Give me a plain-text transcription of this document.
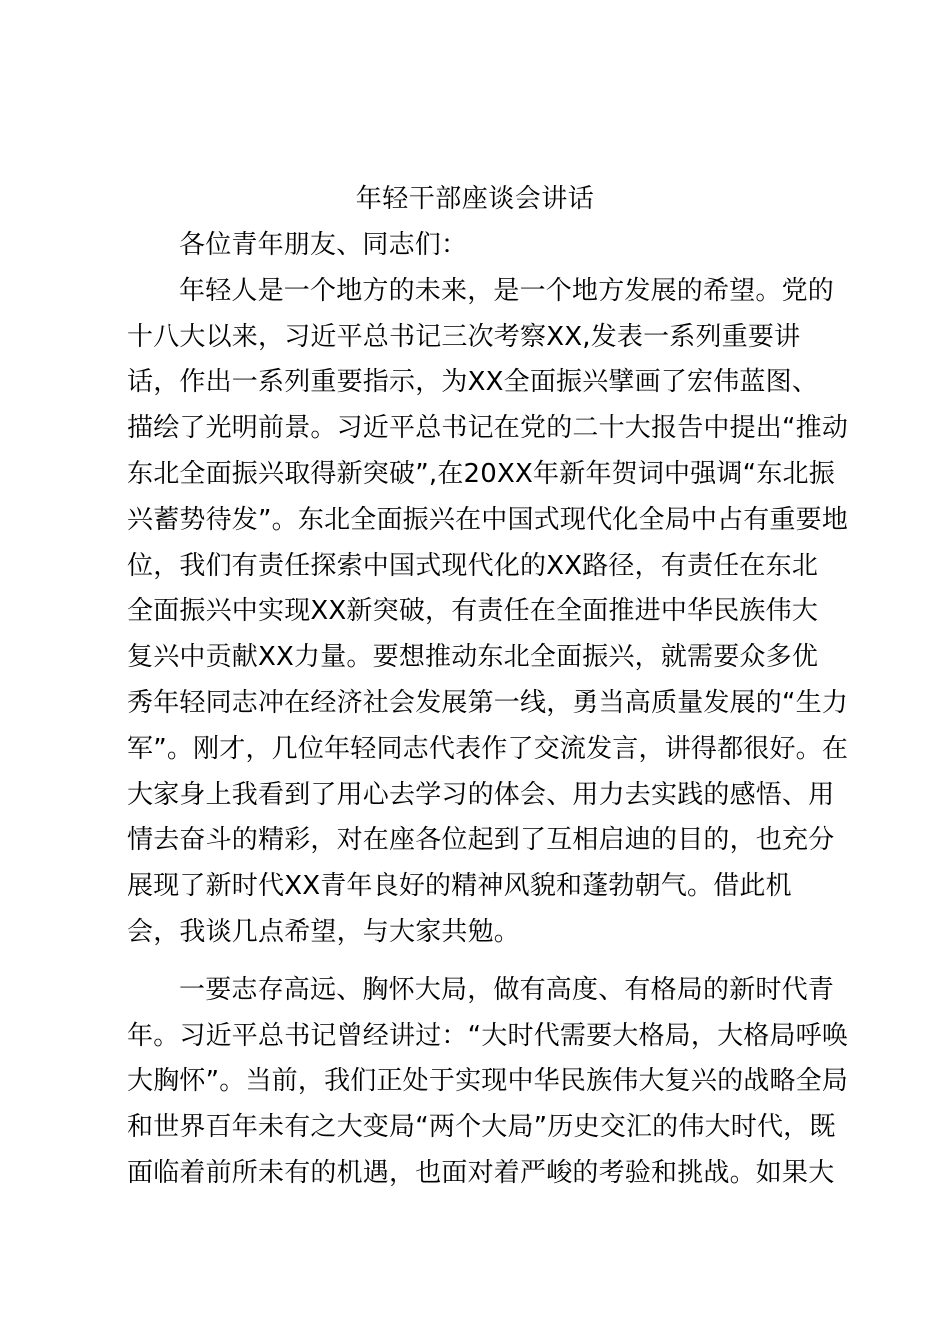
年轻干部座谈会讲话
各位青年朋友、同志们：
年轻人是一个地方的未来，是一个地方发展的希望。党的
十八大以来，习近平总书记三次考察XX,发表一系列重要讲
话，作出一系列重要指示，为XX全面振兴擘画了宏伟蓝图、
描绘了光明前景。习近平总书记在党的二十大报告中提出“推动
东北全面振兴取得新突破”,在20XX年新年贺词中强调“东北振
兴蓄势待发”。东北全面振兴在中国式现代化全局中占有重要地
位，我们有责任探索中国式现代化的XX路径，有责任在东北
全面振兴中实现XX新突破，有责任在全面推进中华民族伟大
复兴中贡献XX力量。要想推动东北全面振兴，就需要众多优
秀年轻同志冲在经济社会发展第一线，勇当高质量发展的“生力
军”。刚才，几位年轻同志代表作了交流发言，讲得都很好。在
大家身上我看到了用心去学习的体会、用力去实践的感悟、用
情去奋斗的精彩，对在座各位起到了互相启迪的目的，也充分
展现了新时代XX青年良好的精神风貌和蓬勃朝气。借此机
会，我谈几点希望，与大家共勉。
一要志存高远、胸怀大局，做有高度、有格局的新时代青
年。习近平总书记曾经讲过：“大时代需要大格局，大格局呼唤
大胸怀”。当前，我们正处于实现中华民族伟大复兴的战略全局
和世界百年未有之大变局“两个大局”历史交汇的伟大时代，既
面临着前所未有的机遇，也面对着严峻的考验和挑战。如果大
